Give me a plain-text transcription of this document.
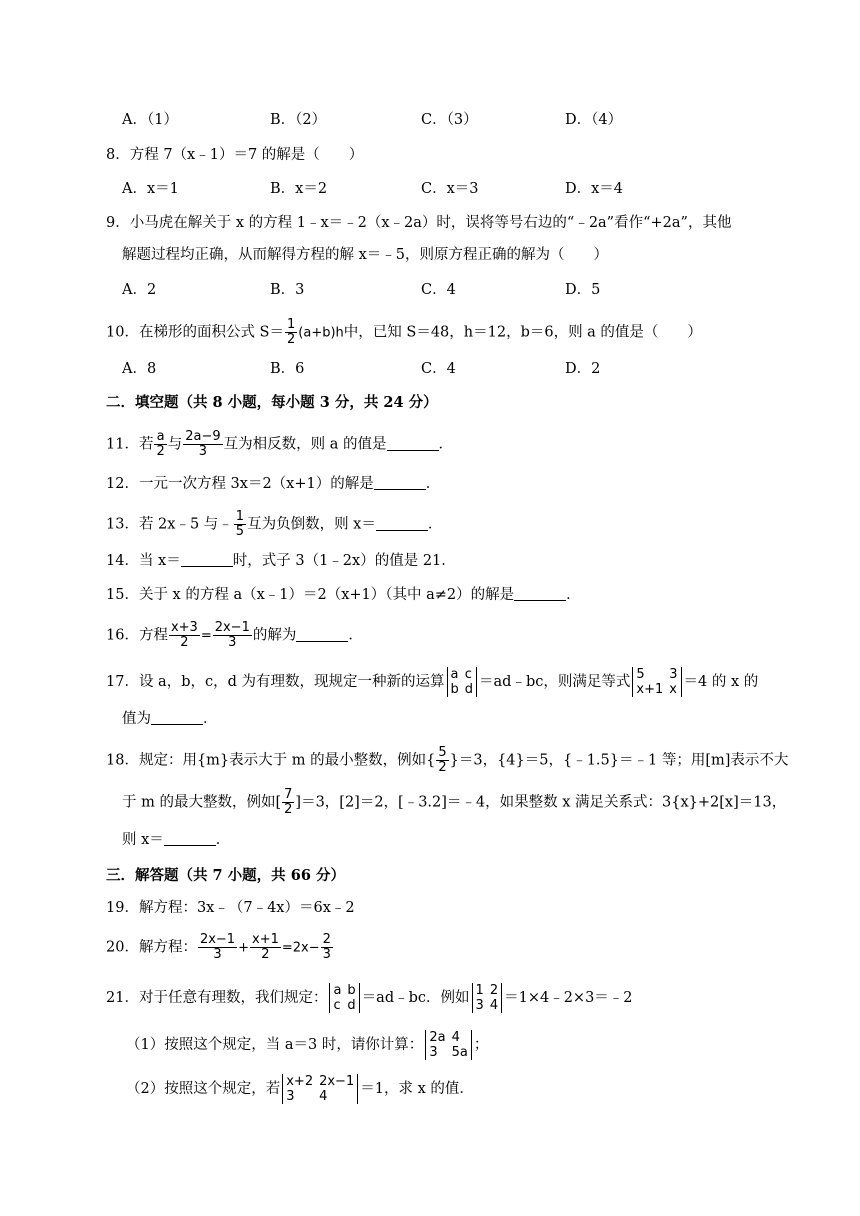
A．（1）	B．（2）	C．（3）	D．（4）
8．方程 7（x﹣1）＝7 的解是（　　）
A．x＝1	B．x＝2	C．x＝3	D．x＝4
9．小马虎在解关于 x 的方程 1﹣x＝﹣2（x﹣2a）时，误将等号右边的“﹣2a”看作“+2a”，其他
解题过程均正确，从而解得方程的解 x＝﹣5，则原方程正确的解为（　　）
A．2	B．3	C．4	D．5
10．在梯形的面积公式 $S= \frac{1}{2} (a+b)h$中，已知 S＝48，h＝12，b＝6，则 a 的值是（　　）
A．8	B．6	C．4	D．2
二．填空题（共 8 小题，每小题 3 分，共 24 分）
11．若 $\frac{a}{2}$ 与 $\frac{2a-9}{3}$ 互为相反数，则 a 的值是	．
12．一元一次方程 3x＝2（x+1）的解是	．
13．若 2x﹣5 与﹣ $\frac{1}{5}$ 互为负倒数，则 x＝	．
14．当 x＝	时，式子 3（1﹣2x）的值是 21．
15．关于 x 的方程 a（x﹣1）＝2（x+1）（其中 a≠2）的解是	．
16．方程 $\frac{x+3}{2} = \frac{2x-1}{3}$ 的解为	．
17．设 a，b，c，d 为有理数，现规定一种新的运算 a c
b d ＝ad﹣bc，则满足等式 5	3
x+1 x ＝4 的 x 的
值为	．
18．规定：用{m}表示大于 m 的最小整数，例如{ $\frac{5}{2} \}=3$，{4}＝5，{﹣1.5}＝﹣1 等；用[m]表示不大
于 m 的最大整数，例如[ $\frac{7}{2} ]=3$，[2]＝2，[﹣3.2]＝﹣4，如果整数 x 满足关系式：3{x}+2[x]＝13，
则 x＝	．
三．解答题（共 7 小题，共 66 分）
19．解方程：3x﹣（7﹣4x）＝6x﹣2
20．解方程： $\frac{2x-1}{3} + \frac{x+1}{2} =2x- \frac{2}{3}$
21．对于任意有理数，我们规定： a b
c d ＝ad﹣bc．例如 1 2
3 4 ＝1×4﹣2×3＝﹣2
（1）按照这个规定，当 a＝3 时，请你计算： 2a 4
3	5a ；
（2）按照这个规定，若 x+2 2x−1
3	4	＝1，求 x 的值．
